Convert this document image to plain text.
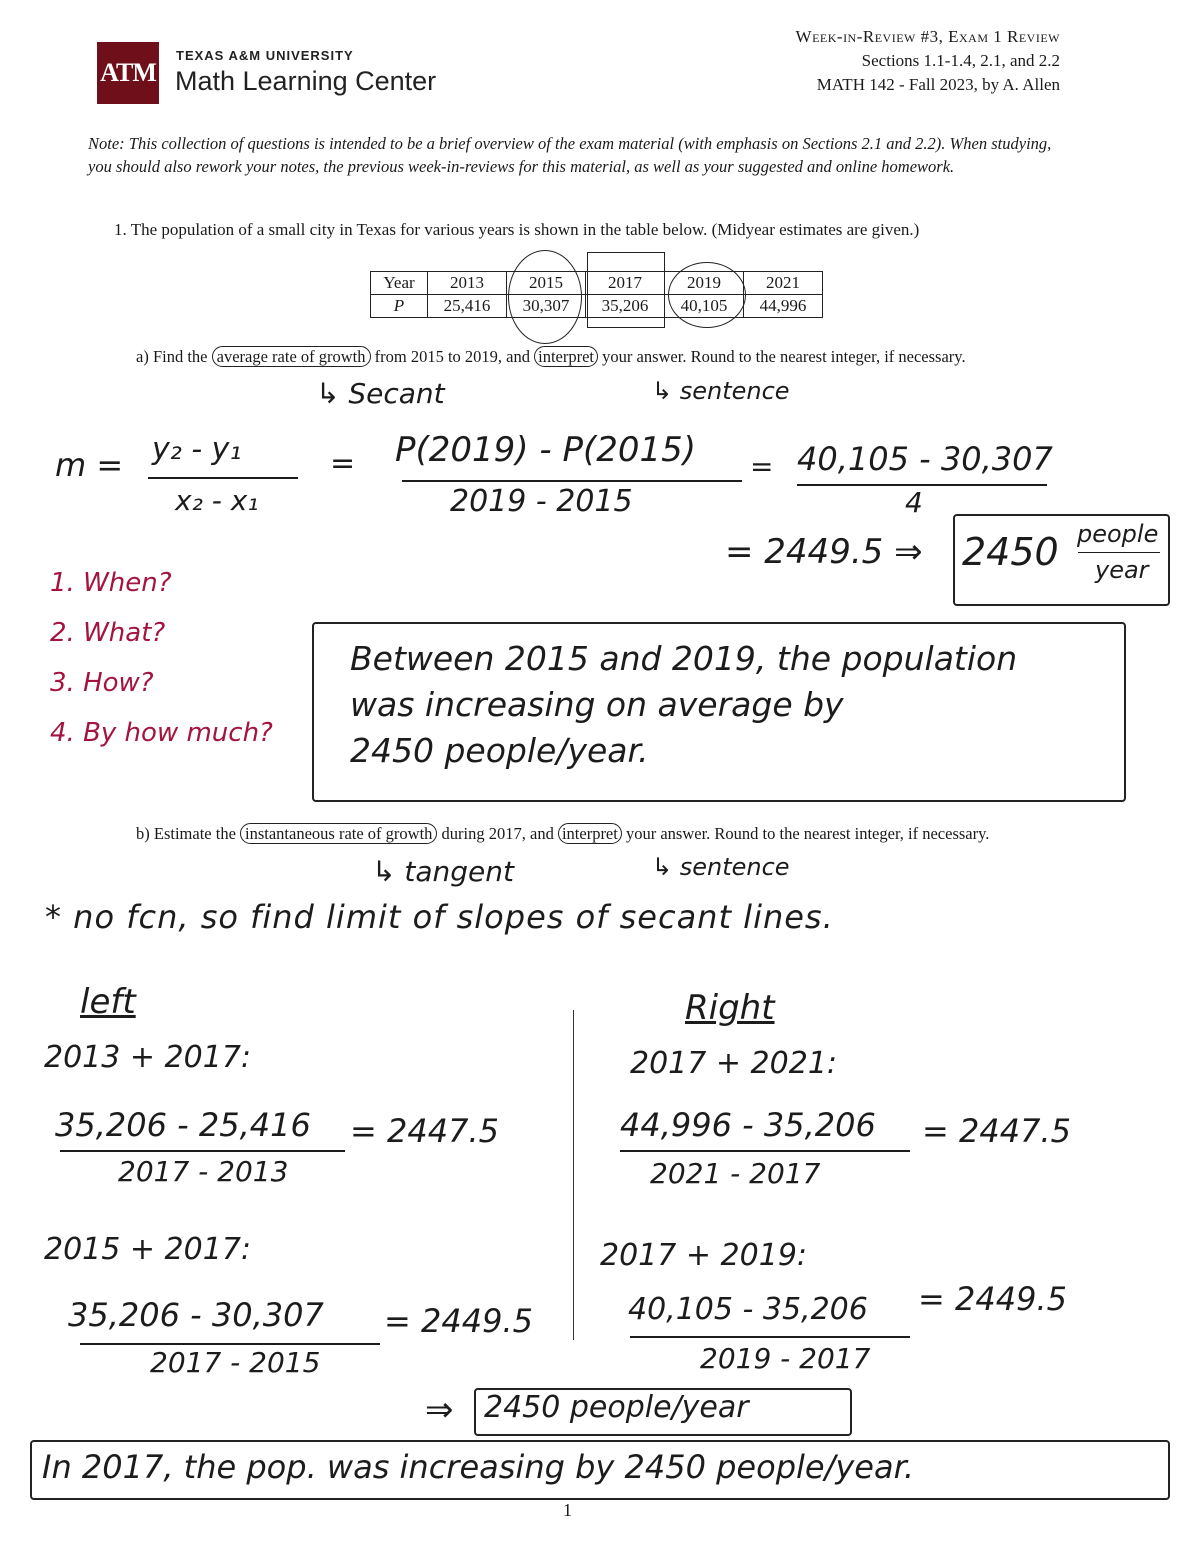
ATM
TEXAS A&M UNIVERSITY
Math Learning Center
Week-in-Review #3, Exam 1 Review
Sections 1.1-1.4, 2.1, and 2.2
MATH 142 - Fall 2023, by A. Allen
Note: This collection of questions is intended to be a brief overview of the exam material (with emphasis on Sections 2.1 and 2.2). When studying, you should also rework your notes, the previous week-in-reviews for this material, as well as your suggested and online homework.
1. The population of a small city in Texas for various years is shown in the table below. (Midyear estimates are given.)
Year	2013	2015	2017	2019	2021
P	25,416	30,307	35,206	40,105	44,996
a) Find the average rate of growth from 2015 to 2019, and interpret your answer. Round to the nearest integer, if necessary.
↳ Secant	↳ sentence
m = y₂ - y₁
x₂ - x₁
= P(2019) - P(2015)
2019 - 2015
= 40,105 - 30,307
4
= 2449.5 ⇒ 2450 people
year
1. When?
2. What?
3. How?
4. By how much?
Between 2015 and 2019, the population
was increasing on average by
2450 people/year.
b) Estimate the instantaneous rate of growth during 2017, and interpret your answer. Round to the nearest integer, if necessary.
↳ tangent	↳ sentence
* no fcn, so find limit of slopes of secant lines.
left
2013 + 2017:
35,206 - 25,416
2017 - 2013
= 2447.5
2015 + 2017:
35,206 - 30,307
2017 - 2015
= 2449.5
Right
2017 + 2021:
44,996 - 35,206
2021 - 2017
= 2447.5
2017 + 2019:
40,105 - 35,206
2019 - 2017
= 2449.5
⇒ 2450 people/year
In 2017, the pop. was increasing by 2450 people/year.
1
